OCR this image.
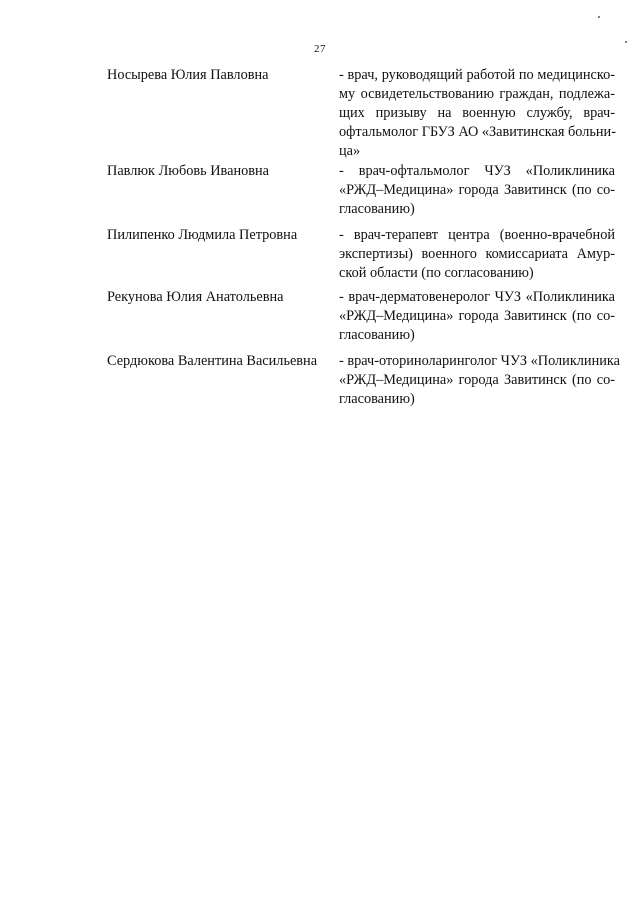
27
Носырева Юлия Павловна	- врач, руководящий работой по медицинско-
му освидетельствованию граждан, подлежа-
щих призыву на военную службу, врач-
офтальмолог ГБУЗ АО «Завитинская больни-
ца»
Павлюк Любовь Ивановна	- врач-офтальмолог ЧУЗ «Поликлиника
«РЖД–Медицина» города Завитинск (по со-
гласованию)
Пилипенко Людмила Петровна	- врач-терапевт центра (военно-врачебной
экспертизы) военного комиссариата Амур-
ской области (по согласованию)
Рекунова Юлия Анатольевна	- врач-дерматовенеролог ЧУЗ «Поликлиника
«РЖД–Медицина» города Завитинск (по со-
гласованию)
Сердюкова Валентина Васильевна	- врач-оториноларинголог ЧУЗ «Поликлиника
«РЖД–Медицина» города Завитинск (по со-
гласованию)
